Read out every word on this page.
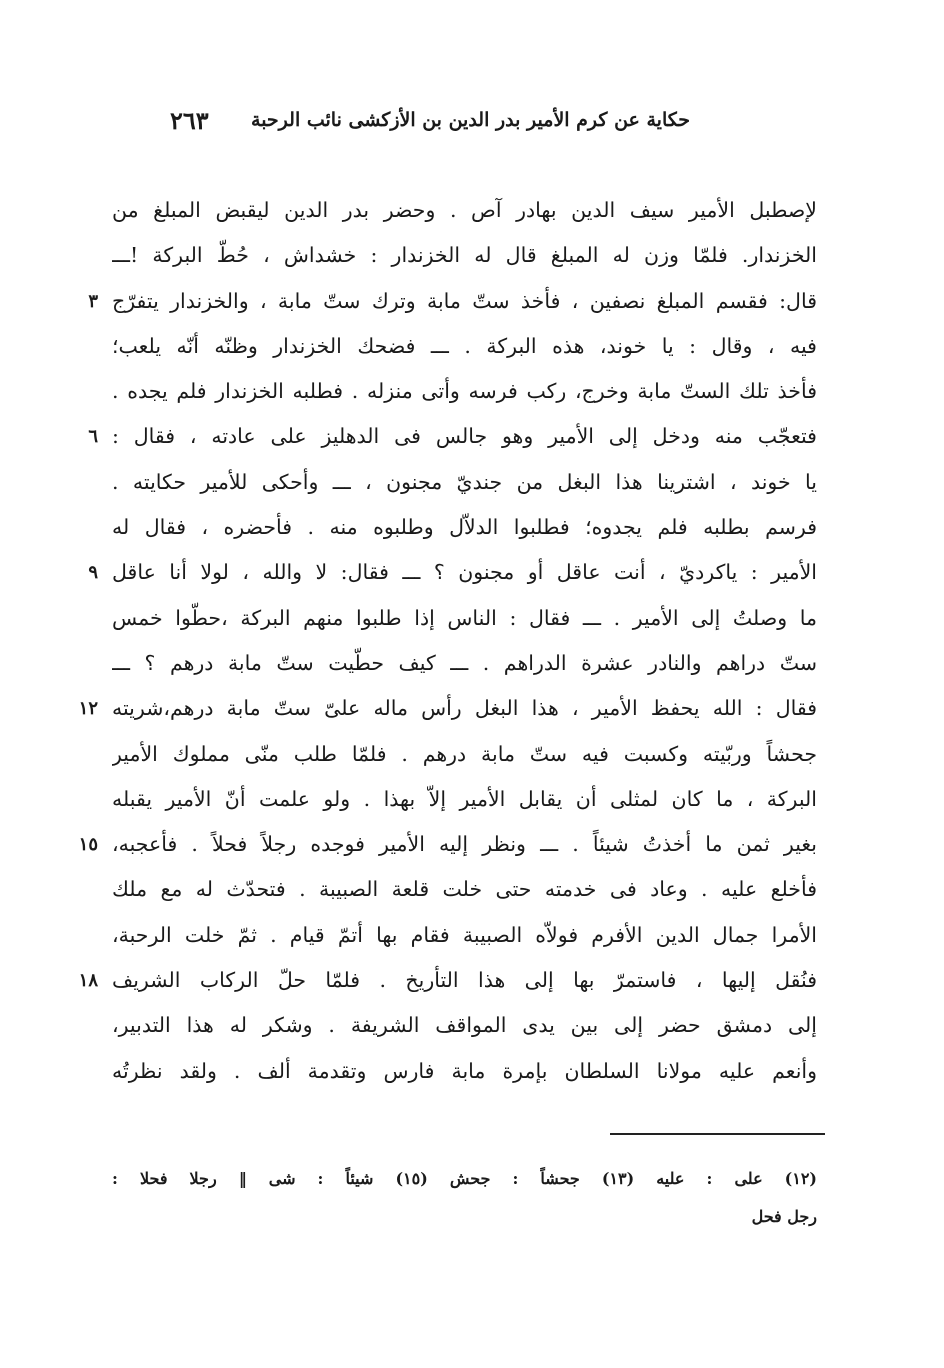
حكاية عن كرم الأمير بدر الدين بن الأزكشى نائب الرحبة
٢٦٣
لإصطبل الأمير سيف الدين بهادر آص . وحضر بدر الدين ليقبض المبلغ من
الخزندار. فلمّا وزن له المبلغ قال له الخزندار : خشداش ، حُطّ البركة !ـــ
قال: فقسم المبلغ نصفين ، فأخذ ستّ مابة وترك ستّ مابة ، والخزندار يتفرّج
٣
فيه ، وقال : يا خوند، هذه البركة . ـــ فضحك الخزندار وظنّه أنّه يلعب؛
فأخذ تلك الستّ مابة وخرج، ركب فرسه وأتى منزله . فطلبه الخزندار فلم يجده .
فتعجّب منه ودخل إلى الأمير وهو جالس فى الدهليز على عادته ، فقال :
٦
يا خوند ، اشترينا هذا البغل من جنديّ مجنون ، ـــ وأحكى للأمير حكايته .
فرسم بطلبه فلم يجدوه؛ فطلبوا الدلاّل وطلبوه منه . فأحضره ، فقال له
الأمير : ياكرديّ ، أنت عاقل أو مجنون ؟ ـــ فقال: لا والله ، لولا أنا عاقل
٩
ما وصلتُ إلى الأمير . ـــ فقال : الناس إذا طلبوا منهم البركة ،حطّوا خمس
ستّ دراهم والنادر عشرة الدراهم . ـــ كيف حطّيت ستّ مابة درهم ؟ ـــ
فقال : الله يحفظ الأمير ، هذا البغل رأس ماله علىّ ستّ مابة درهم،شريته
١٢
جحشاً وربّيته وكسبت فيه ستّ مابة درهم . فلمّا طلب منّى مملوك الأمير
البركة ، ما كان لمثلى أن يقابل الأمير إلاّ بهذا . ولو علمت أنّ الأمير يقبله
بغير ثمن ما أخذتُ شيئاً . ـــ ونظر إليه الأمير فوجده رجلاً فحلاً . فأعجبه،
١٥
فأخلع عليه . وعاد فى خدمته حتى خلت قلعة الصبيبة . فتحدّث له مع ملك
الأمرا جمال الدين الأفرم فولاّه الصبيبة فقام بها أتمّ قيام . ثمّ خلت الرحبة،
فنُقل إليها ، فاستمرّ بها إلى هذا التأريخ . فلمّا حلّ الركاب الشريف
١٨
إلى دمشق حضر إلى بين يدى المواقف الشريفة . وشكر له هذا التدبير،
وأنعم عليه مولانا السلطان بإمرة مابة فارس وتقدمة ألف . ولقد نظرتُه
(١٢) على : عليه (١٣) جحشاً : جحش (١٥) شيئاً : شى ‖ رجلا فحلا :
رجل فحل
